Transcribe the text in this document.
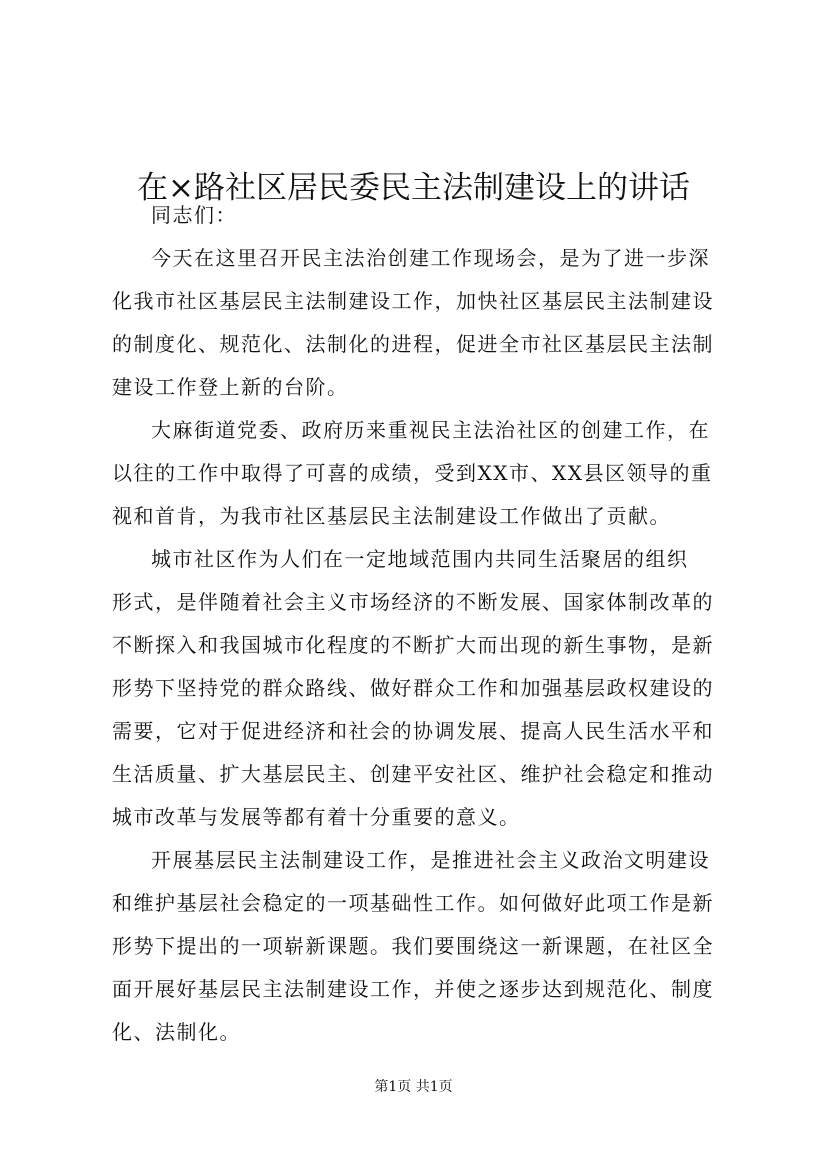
在×路社区居民委民主法制建设上的讲话

同志们：

今天在这里召开民主法治创建工作现场会，是为了进一步深
化我市社区基层民主法制建设工作，加快社区基层民主法制建设
的制度化、规范化、法制化的进程，促进全市社区基层民主法制
建设工作登上新的台阶。

大麻街道党委、政府历来重视民主法治社区的创建工作，在
以往的工作中取得了可喜的成绩，受到XX市、XX县区领导的重
视和首肯，为我市社区基层民主法制建设工作做出了贡献。

城市社区作为人们在一定地域范围内共同生活聚居的组织
形式，是伴随着社会主义市场经济的不断发展、国家体制改革的
不断探入和我国城市化程度的不断扩大而出现的新生事物，是新
形势下坚持党的群众路线、做好群众工作和加强基层政权建设的
需要，它对于促进经济和社会的协调发展、提高人民生活水平和
生活质量、扩大基层民主、创建平安社区、维护社会稳定和推动
城市改革与发展等都有着十分重要的意义。

开展基层民主法制建设工作，是推进社会主义政治文明建设
和维护基层社会稳定的一项基础性工作。如何做好此项工作是新
形势下提出的一项崭新课题。我们要围绕这一新课题，在社区全
面开展好基层民主法制建设工作，并使之逐步达到规范化、制度
化、法制化。

第1页 共1页
